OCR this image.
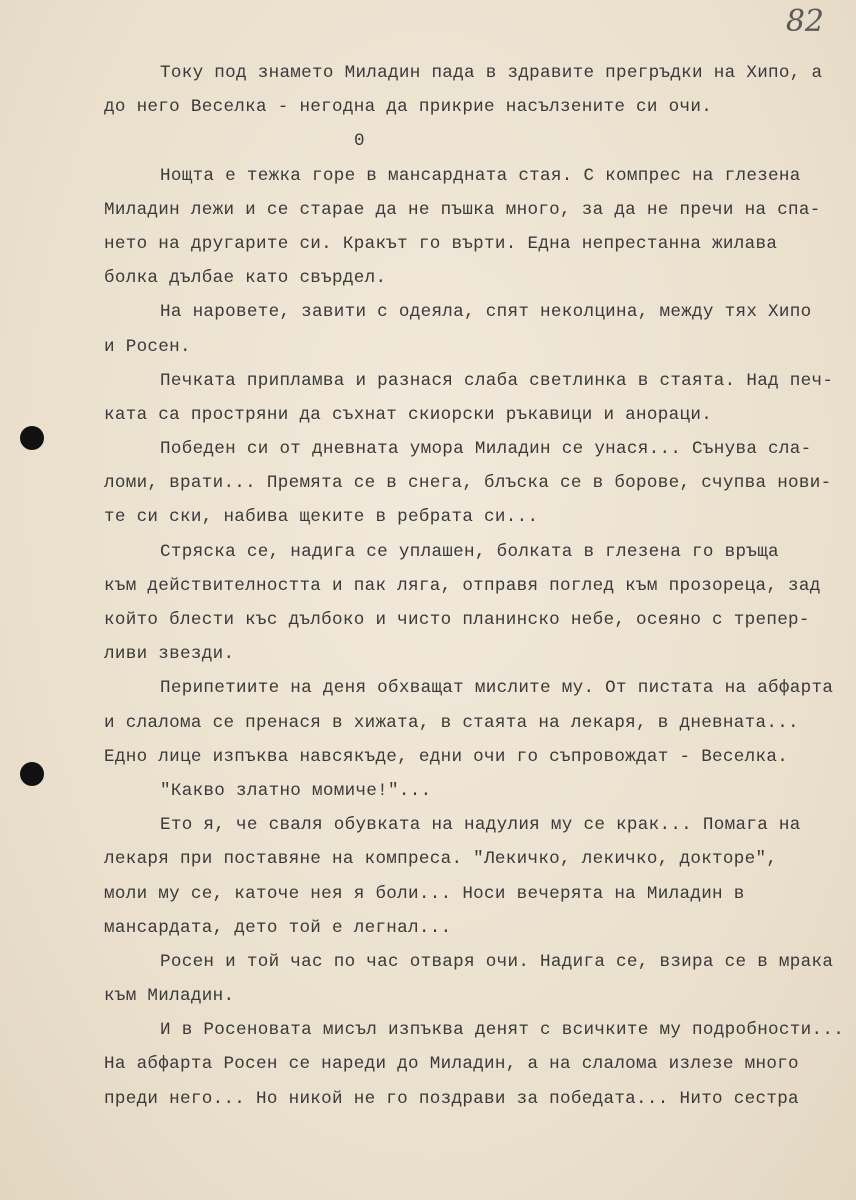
82
Току под знамето Миладин пада в здравите прегръдки на Хипо, а
до него Веселка - негодна да прикрие насълзените си очи.
0
Нощта е тежка горе в мансардната стая. С компрес на глезена
Миладин лежи и се старае да не пъшка много, за да не пречи на спа-
нето на другарите си. Кракът го върти. Една непрестанна жилава
болка дълбае като свърдел.
На наровете, завити с одеяла, спят неколцина, между тях Хипо
и Росен.
Печката припламва и разнася слаба светлинка в стаята. Над печ-
ката са простряни да съхнат скиорски ръкавици и анораци.
Победен си от дневната умора Миладин се унася... Сънува сла-
ломи, врати... Премята се в снега, блъска се в борове, счупва нови-
те си ски, набива щеките в ребрата си...
Стряска се, надига се уплашен, болката в глезена го връща
към действителността и пак ляга, отправя поглед към прозореца, зад
който блести къс дълбоко и чисто планинско небе, осеяно с трепер-
ливи звезди.
Перипетиите на деня обхващат мислите му. От пистата на абфарта
и слалома се пренася в хижата, в стаята на лекаря, в дневната...
Едно лице изпъква навсякъде, едни очи го съпровождат - Веселка.
"Какво златно момиче!"...
Ето я, че сваля обувката на надулия му се крак... Помага на
лекаря при поставяне на компреса. "Лекичко, лекичко, докторе",
моли му се, каточе нея я боли... Носи вечерята на Миладин в
мансардата, дето той е легнал...
Росен и той час по час отваря очи. Надига се, взира се в мрака
към Миладин.
И в Росеновата мисъл изпъква денят с всичките му подробности...
На абфарта Росен се нареди до Миладин, а на слалома излезе много
преди него... Но никой не го поздрави за победата... Нито сестра
